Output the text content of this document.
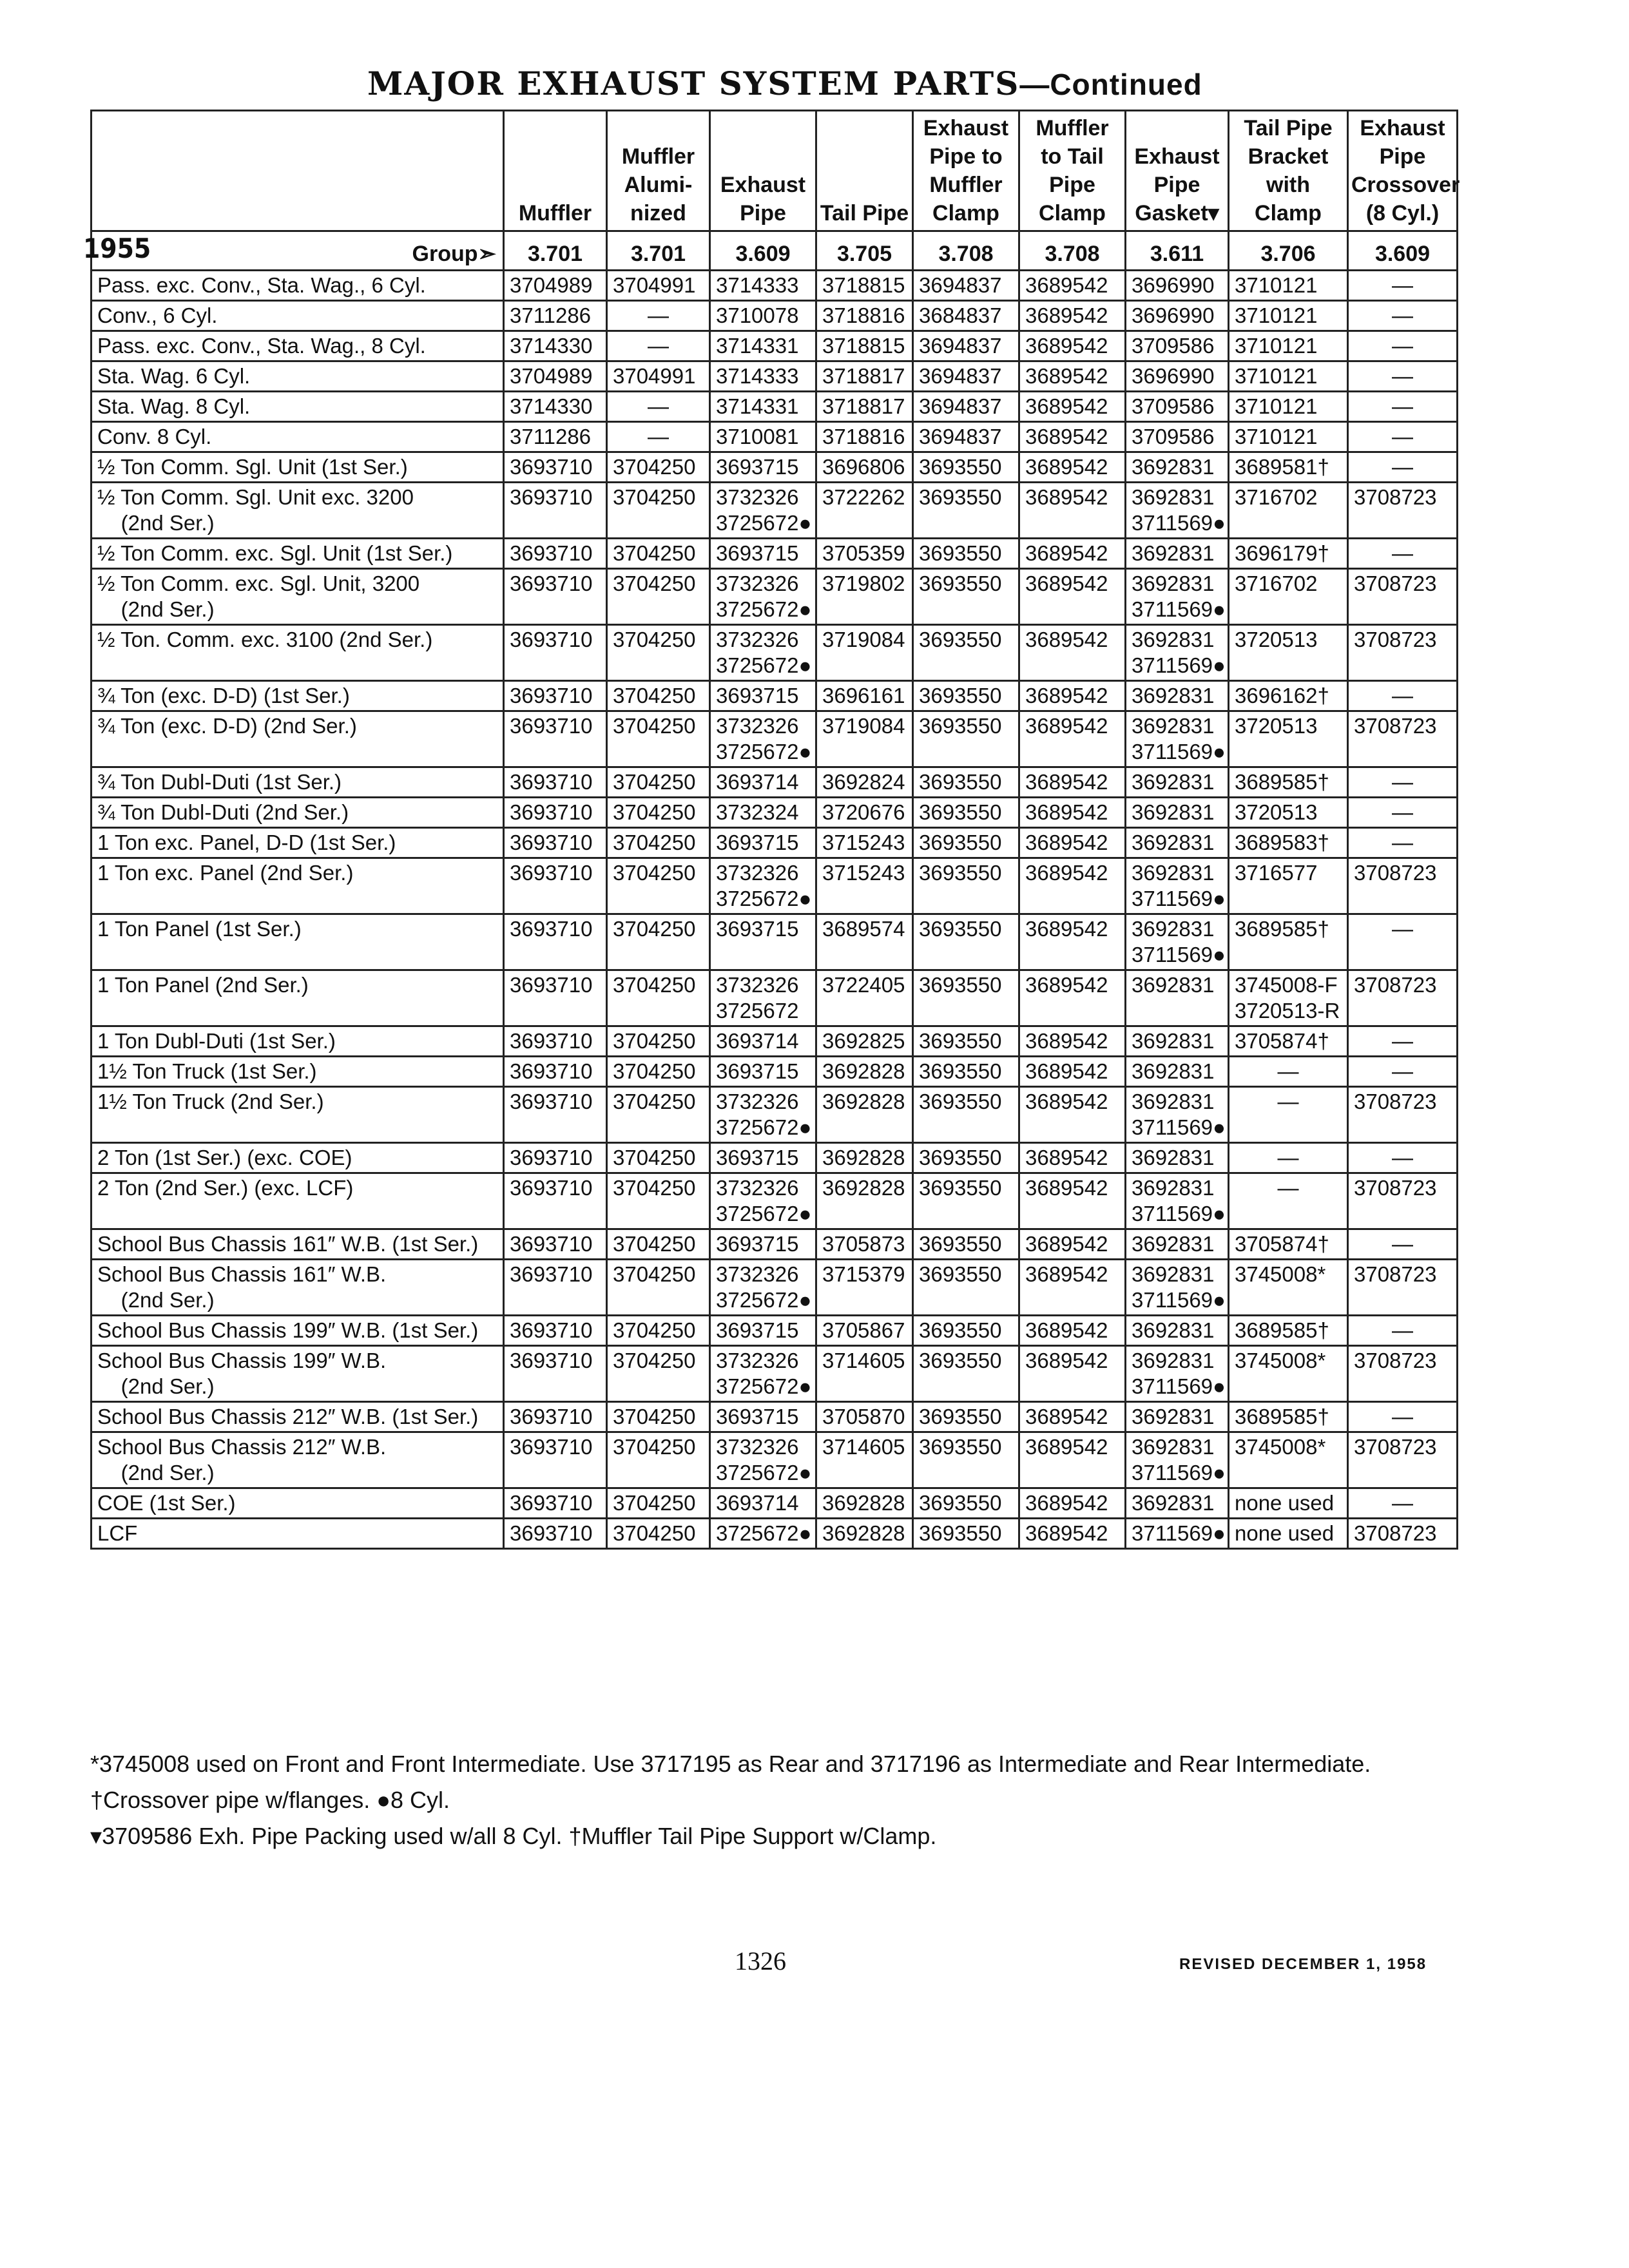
MAJOR EXHAUST SYSTEM PARTS—Continued
	Muffler	Muffler Alumi- nized	Exhaust Pipe	Tail Pipe	Exhaust Pipe to Muffler Clamp	Muffler to Tail Pipe Clamp	Exhaust Pipe Gasket▾	Tail Pipe Bracket with Clamp	Exhaust Pipe Crossover (8 Cyl.)

1955 Group➣	3.701	3.701	3.609	3.705	3.708	3.708	3.611	3.706	3.609
Pass. exc. Conv., Sta. Wag., 6 Cyl.	3704989	3704991	3714333	3718815	3694837	3689542	3696990	3710121	—
Conv., 6 Cyl.	3711286	—	3710078	3718816	3684837	3689542	3696990	3710121	—
Pass. exc. Conv., Sta. Wag., 8 Cyl.	3714330	—	3714331	3718815	3694837	3689542	3709586	3710121	—
Sta. Wag. 6 Cyl.	3704989	3704991	3714333	3718817	3694837	3689542	3696990	3710121	—
Sta. Wag. 8 Cyl.	3714330	—	3714331	3718817	3694837	3689542	3709586	3710121	—
Conv. 8 Cyl.	3711286	—	3710081	3718816	3694837	3689542	3709586	3710121	—
½ Ton Comm. Sgl. Unit (1st Ser.)	3693710	3704250	3693715	3696806	3693550	3689542	3692831	3689581†	—
½ Ton Comm. Sgl. Unit exc. 3200
(2nd Ser.)	3693710	3704250	3732326
3725672●	3722262	3693550	3689542	3692831
3711569●	3716702	3708723
½ Ton Comm. exc. Sgl. Unit (1st Ser.)	3693710	3704250	3693715	3705359	3693550	3689542	3692831	3696179†	—
½ Ton Comm. exc. Sgl. Unit, 3200
(2nd Ser.)	3693710	3704250	3732326
3725672●	3719802	3693550	3689542	3692831
3711569●	3716702	3708723
½ Ton. Comm. exc. 3100 (2nd Ser.)	3693710	3704250	3732326
3725672●	3719084	3693550	3689542	3692831
3711569●	3720513	3708723
¾ Ton (exc. D-D) (1st Ser.)	3693710	3704250	3693715	3696161	3693550	3689542	3692831	3696162†	—
¾ Ton (exc. D-D) (2nd Ser.)	3693710	3704250	3732326
3725672●	3719084	3693550	3689542	3692831
3711569●	3720513	3708723
¾ Ton Dubl-Duti (1st Ser.)	3693710	3704250	3693714	3692824	3693550	3689542	3692831	3689585†	—
¾ Ton Dubl-Duti (2nd Ser.)	3693710	3704250	3732324	3720676	3693550	3689542	3692831	3720513	—
1 Ton exc. Panel, D-D (1st Ser.)	3693710	3704250	3693715	3715243	3693550	3689542	3692831	3689583†	—
1 Ton exc. Panel (2nd Ser.)	3693710	3704250	3732326
3725672●	3715243	3693550	3689542	3692831
3711569●	3716577	3708723
1 Ton Panel (1st Ser.)	3693710	3704250	3693715	3689574	3693550	3689542	3692831
3711569●	3689585†	—
1 Ton Panel (2nd Ser.)	3693710	3704250	3732326
3725672	3722405	3693550	3689542	3692831	3745008-F
3720513-R	3708723
1 Ton Dubl-Duti (1st Ser.)	3693710	3704250	3693714	3692825	3693550	3689542	3692831	3705874†	—
1½ Ton Truck (1st Ser.)	3693710	3704250	3693715	3692828	3693550	3689542	3692831	—	—
1½ Ton Truck (2nd Ser.)	3693710	3704250	3732326
3725672●	3692828	3693550	3689542	3692831
3711569●	—	3708723
2 Ton (1st Ser.) (exc. COE)	3693710	3704250	3693715	3692828	3693550	3689542	3692831	—	—
2 Ton (2nd Ser.) (exc. LCF)	3693710	3704250	3732326
3725672●	3692828	3693550	3689542	3692831
3711569●	—	3708723
School Bus Chassis 161″ W.B. (1st Ser.)	3693710	3704250	3693715	3705873	3693550	3689542	3692831	3705874†	—
School Bus Chassis 161″ W.B.
(2nd Ser.)	3693710	3704250	3732326
3725672●	3715379	3693550	3689542	3692831
3711569●	3745008*	3708723
School Bus Chassis 199″ W.B. (1st Ser.)	3693710	3704250	3693715	3705867	3693550	3689542	3692831	3689585†	—
School Bus Chassis 199″ W.B.
(2nd Ser.)	3693710	3704250	3732326
3725672●	3714605	3693550	3689542	3692831
3711569●	3745008*	3708723
School Bus Chassis 212″ W.B. (1st Ser.)	3693710	3704250	3693715	3705870	3693550	3689542	3692831	3689585†	—
School Bus Chassis 212″ W.B.
(2nd Ser.)	3693710	3704250	3732326
3725672●	3714605	3693550	3689542	3692831
3711569●	3745008*	3708723
COE (1st Ser.)	3693710	3704250	3693714	3692828	3693550	3689542	3692831	none used	—
LCF	3693710	3704250	3725672●	3692828	3693550	3689542	3711569●	none used	3708723
*3745008 used on Front and Front Intermediate. Use 3717195 as Rear and 3717196 as Intermediate and Rear Intermediate.
†Crossover pipe w/flanges. ●8 Cyl.
▾3709586 Exh. Pipe Packing used w/all 8 Cyl. †Muffler Tail Pipe Support w/Clamp.
1326	REVISED DECEMBER 1, 1958
